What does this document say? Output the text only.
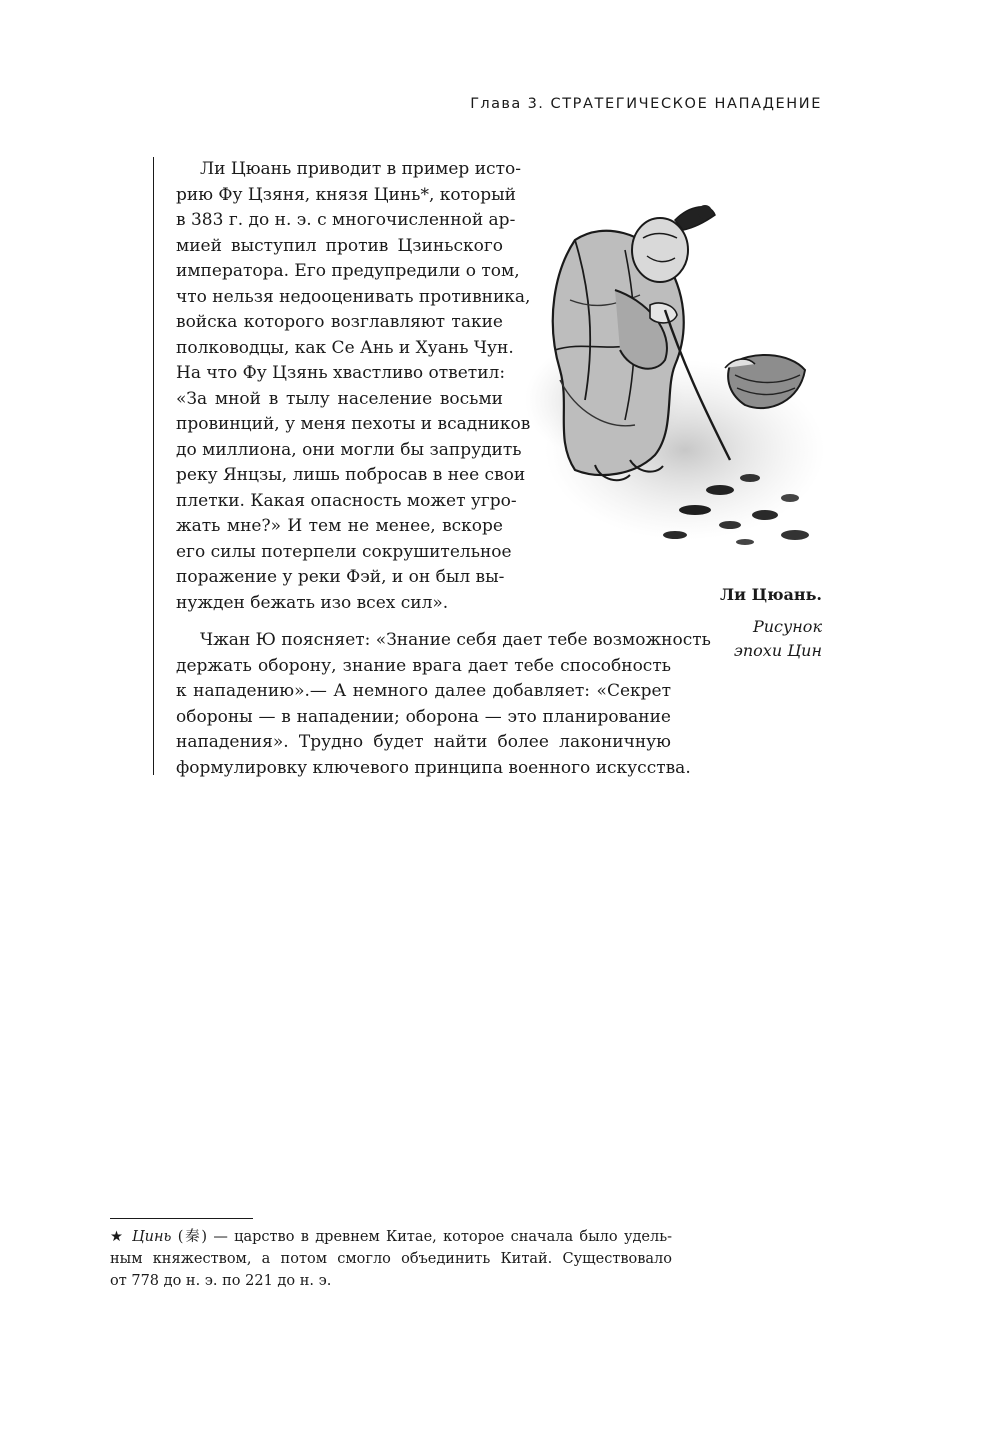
Глава 3. СТРАТЕГИЧЕСКОЕ НАПАДЕНИЕ
Ли Цюань приводит в пример исто-
рию Фу Цзяня, князя Цинь*, который
в 383 г. до н. э. с многочисленной ар-
мией выступил против Цзиньского
императора. Его предупредили о том,
что нельзя недооценивать противника,
войска которого возглавляют такие
полководцы, как Се Ань и Хуань Чун.
На что Фу Цзянь хвастливо ответил:
«За мной в тылу население восьми
провинций, у меня пехоты и всадников
до миллиона, они могли бы запрудить
реку Янцзы, лишь побросав в нее свои
плетки. Какая опасность может угро-
жать мне?» И тем не менее, вскоре
его силы потерпели сокрушительное
поражение у реки Фэй, и он был вы-
нужден бежать изо всех сил».	Ли Цюань.
Рисунок
эпохи Цин
Чжан Ю поясняет: «Знание себя дает тебе возможность
держать оборону, знание врага дает тебе способность
к нападению».— А немного далее добавляет: «Секрет
обороны — в нападении; оборона — это планирование
нападения». Трудно будет найти более лаконичную
формулировку ключевого принципа военного искусства.
★ Цинь (秦) — царство в древнем Китае, которое сначала было удель-
ным княжеством, а потом смогло объединить Китай. Существовало
от 778 до н. э. по 221 до н. э.
